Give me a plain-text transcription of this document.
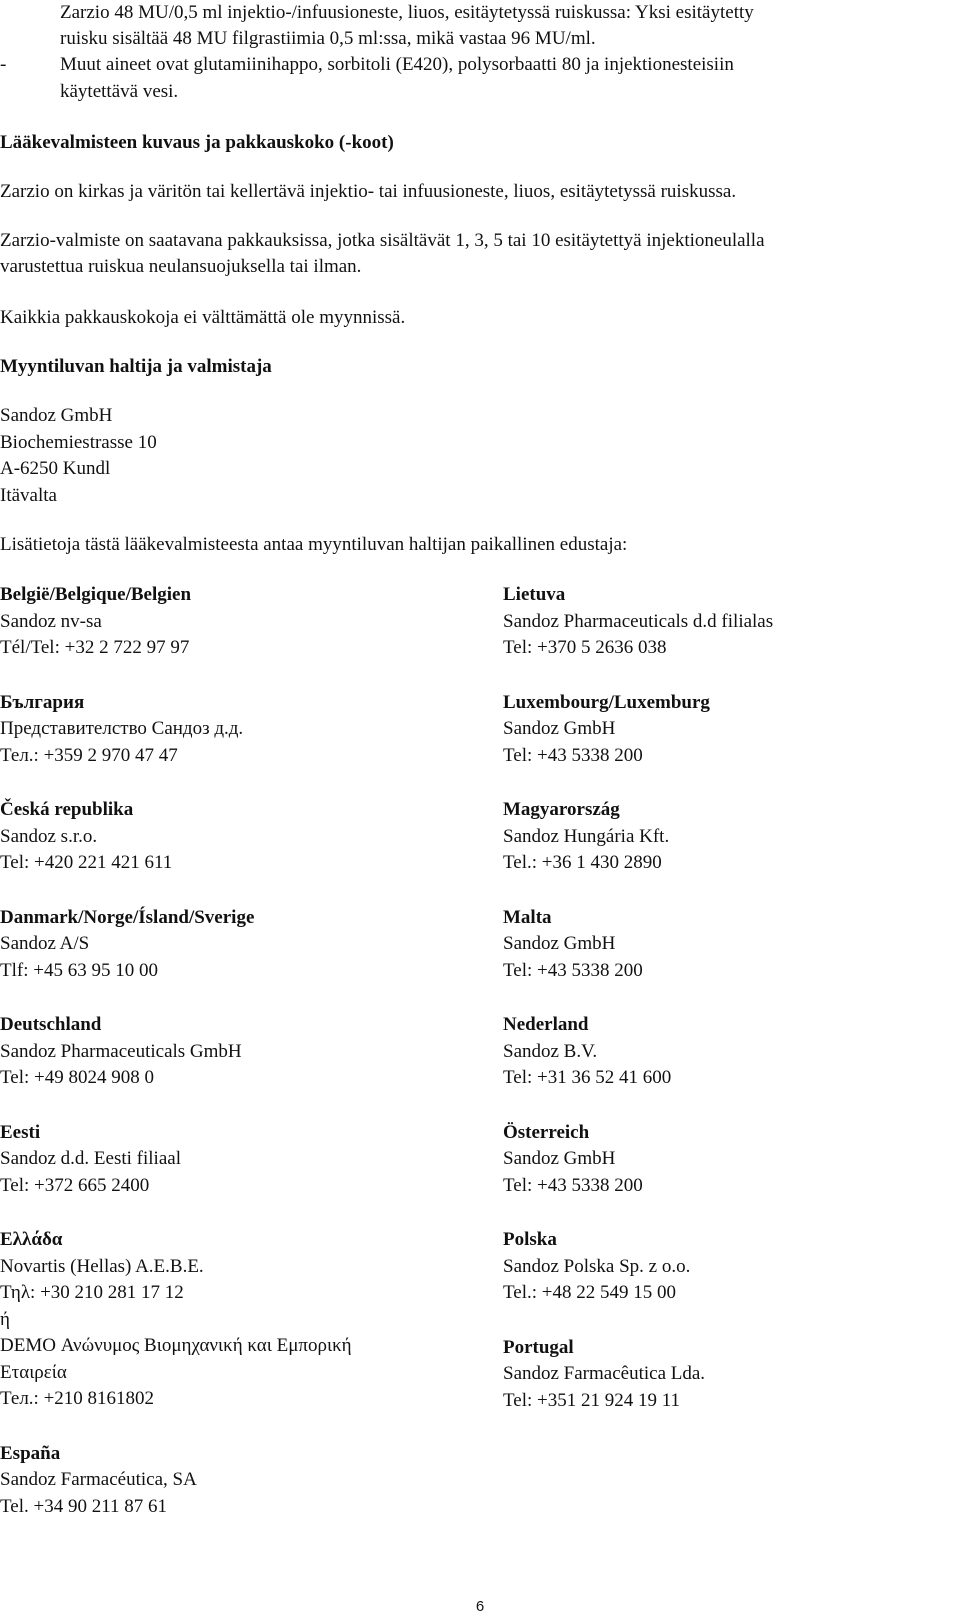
Zarzio 48 MU/0,5 ml injektio-/infuusioneste, liuos, esitäytetyssä ruiskussa: Yksi esitäytetty
ruisku sisältää 48 MU filgrastiimia 0,5 ml:ssa, mikä vastaa 96 MU/ml.
-	Muut aineet ovat glutamiinihappo, sorbitoli (E420), polysorbaatti 80 ja injektionesteisiin
käytettävä vesi.
Lääkevalmisteen kuvaus ja pakkauskoko (-koot)
Zarzio on kirkas ja väritön tai kellertävä injektio- tai infuusioneste, liuos, esitäytetyssä ruiskussa.
Zarzio-valmiste on saatavana pakkauksissa, jotka sisältävät 1, 3, 5 tai 10 esitäytettyä injektioneulalla
varustettua ruiskua neulansuojuksella tai ilman.
Kaikkia pakkauskokoja ei välttämättä ole myynnissä.
Myyntiluvan haltija ja valmistaja
Sandoz GmbH
Biochemiestrasse 10
A-6250 Kundl
Itävalta
Lisätietoja tästä lääkevalmisteesta antaa myyntiluvan haltijan paikallinen edustaja:
België/Belgique/Belgien
Sandoz nv-sa
Tél/Tel: +32 2 722 97 97
България
Представителство Сандоз д.д.
Тел.: +359 2 970 47 47
Česká republika
Sandoz s.r.o.
Tel: +420 221 421 611
Danmark/Norge/Ísland/Sverige
Sandoz A/S
Tlf: +45 63 95 10 00
Deutschland
Sandoz Pharmaceuticals GmbH
Tel: +49 8024 908 0
Eesti
Sandoz d.d. Eesti filiaal
Tel: +372 665 2400
Ελλάδα
Novartis (Hellas) A.E.B.E.
Τηλ: +30 210 281 17 12
ή
DEMO Ανώνυμος Βιομηχανική και Εμπορική
Εταιρεία
Тел.: +210 8161802
España
Sandoz Farmacéutica, SA
Tel. +34 90 211 87 61
Lietuva
Sandoz Pharmaceuticals d.d filialas
Tel: +370 5 2636 038
Luxembourg/Luxemburg
Sandoz GmbH
Tel: +43 5338 200
Magyarország
Sandoz Hungária Kft.
Tel.: +36 1 430 2890
Malta
Sandoz GmbH
Tel: +43 5338 200
Nederland
Sandoz B.V.
Tel: +31 36 52 41 600
Österreich
Sandoz GmbH
Tel: +43 5338 200
Polska
Sandoz Polska Sp. z o.o.
Tel.: +48 22 549 15 00
Portugal
Sandoz Farmacêutica Lda.
Tel: +351 21 924 19 11
6
